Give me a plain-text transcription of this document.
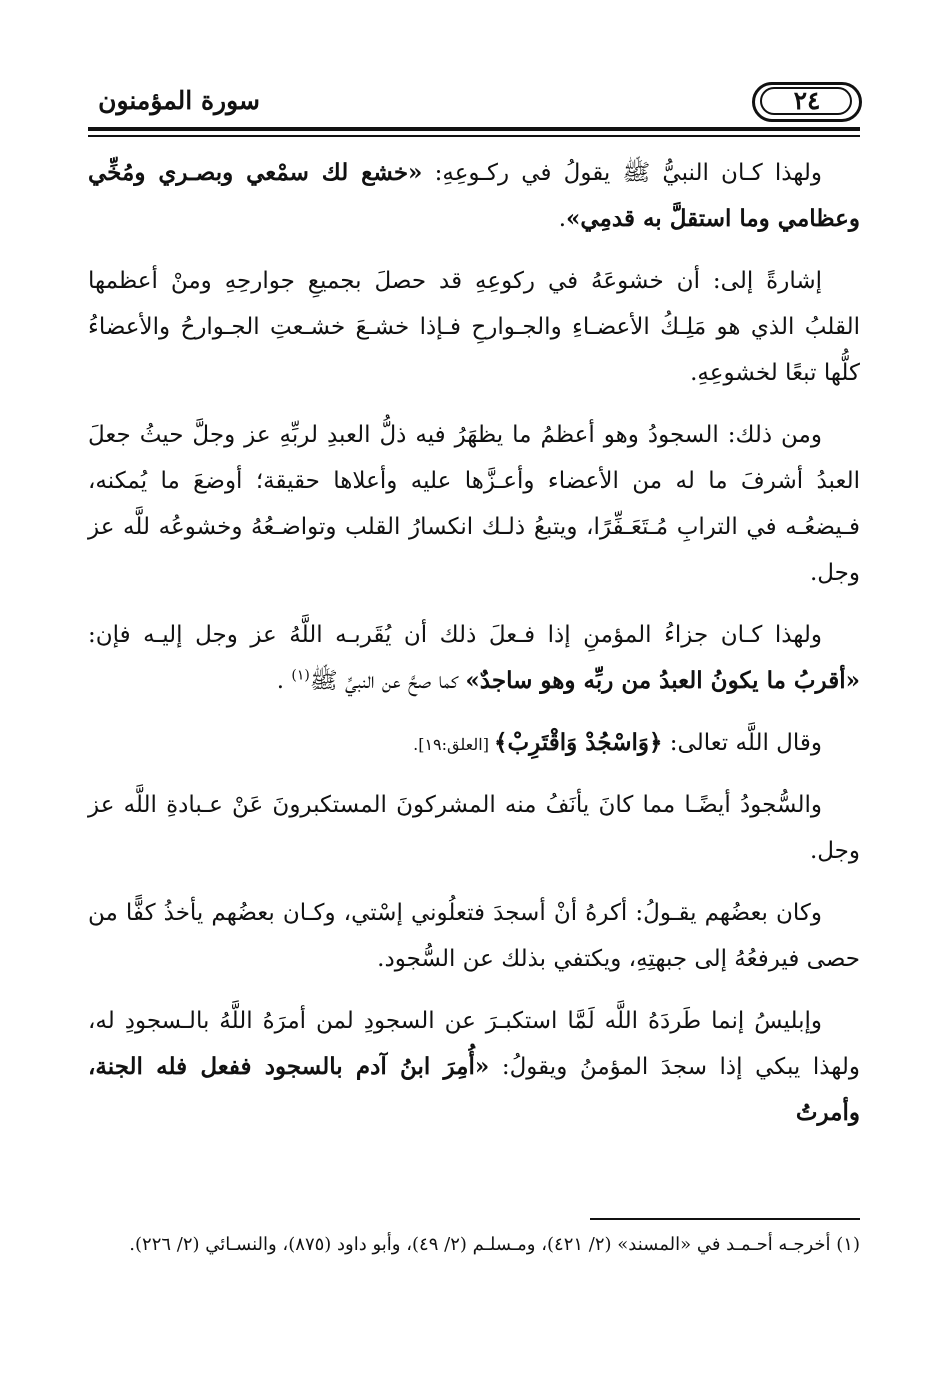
سورة المؤمنون	٢٤

ولهذا كـان النبيُّ ﷺ يقولُ في ركـوعِهِ: «خشع لك سمْعي وبصـري ومُخِّي وعظامي وما استقلَّ به قدمِي».

إشارةً إلى: أن خشوعَهُ في ركوعِهِ قد حصلَ بجميعِ جوارحِهِ ومنْ أعظمها القلبُ الذي هو مَلِـكُ الأعضـاءِ والجـوارحِ فـإذا خشـعَ خشـعتِ الجـوارحُ والأعضاءُ كلُّها تبعًا لخشوعِهِ.

ومن ذلك: السجودُ وهو أعظمُ ما يظهَرُ فيه ذلُّ العبدِ لربِّهِ عز وجلَّ حيثُ جعلَ العبدُ أشرفَ ما له من الأعضاء وأعـزَّها عليه وأعلاها حقيقة؛ أوضعَ ما يُمكنه، فـيضعُـه في الترابِ مُـتَعَـفِّرًا، ويتبعُ ذلـك انكسارُ القلب وتواضـعُهُ وخشوعُه للَّه عز وجل.

ولهذا كـان جزاءُ المؤمنِ إذا فـعلَ ذلك أن يُقَربـه اللَّهُ عز وجل إليـه فإن: «أقربُ ما يكونُ العبدُ من ربِّه وهو ساجدٌ» كما صحَّ عن النبيِّ ﷺ$^{(١)}$ .

وقال اللَّه تعالى: ﴿وَاسْجُدْ وَاقْتَرِبْ﴾ [العلق:١٩].

والسُّجودُ أيضًـا مما كانَ يأنَفُ منه المشركونَ المستكبرونَ عَنْ عـبادةِ اللَّه عز وجل.

وكان بعضُهم يقـولُ: أكرهُ أنْ أسجدَ فتعلُوني إسْتي، وكـان بعضُهم يأخذُ كفًّا من حصى فيرفعُهُ إلى جبهتِهِ، ويكتفي بذلك عن السُّجود.

وإبليسُ إنما طَردَهُ اللَّه لَمَّا استكبـرَ عن السجودِ لمن أمرَهُ اللَّهُ بالـسجودِ له، ولهذا يبكي إذا سجدَ المؤمنُ ويقولُ: «أُمِرَ ابنُ آدم بالسجود ففعل فله الجنة، وأمرتُ

(١) أخرجـه أحـمـد في «المسند» (٢/ ٤٢١)، ومـسلـم (٢/ ٤٩)، وأبو داود (٨٧٥)، والنسـائي (٢/ ٢٢٦).
